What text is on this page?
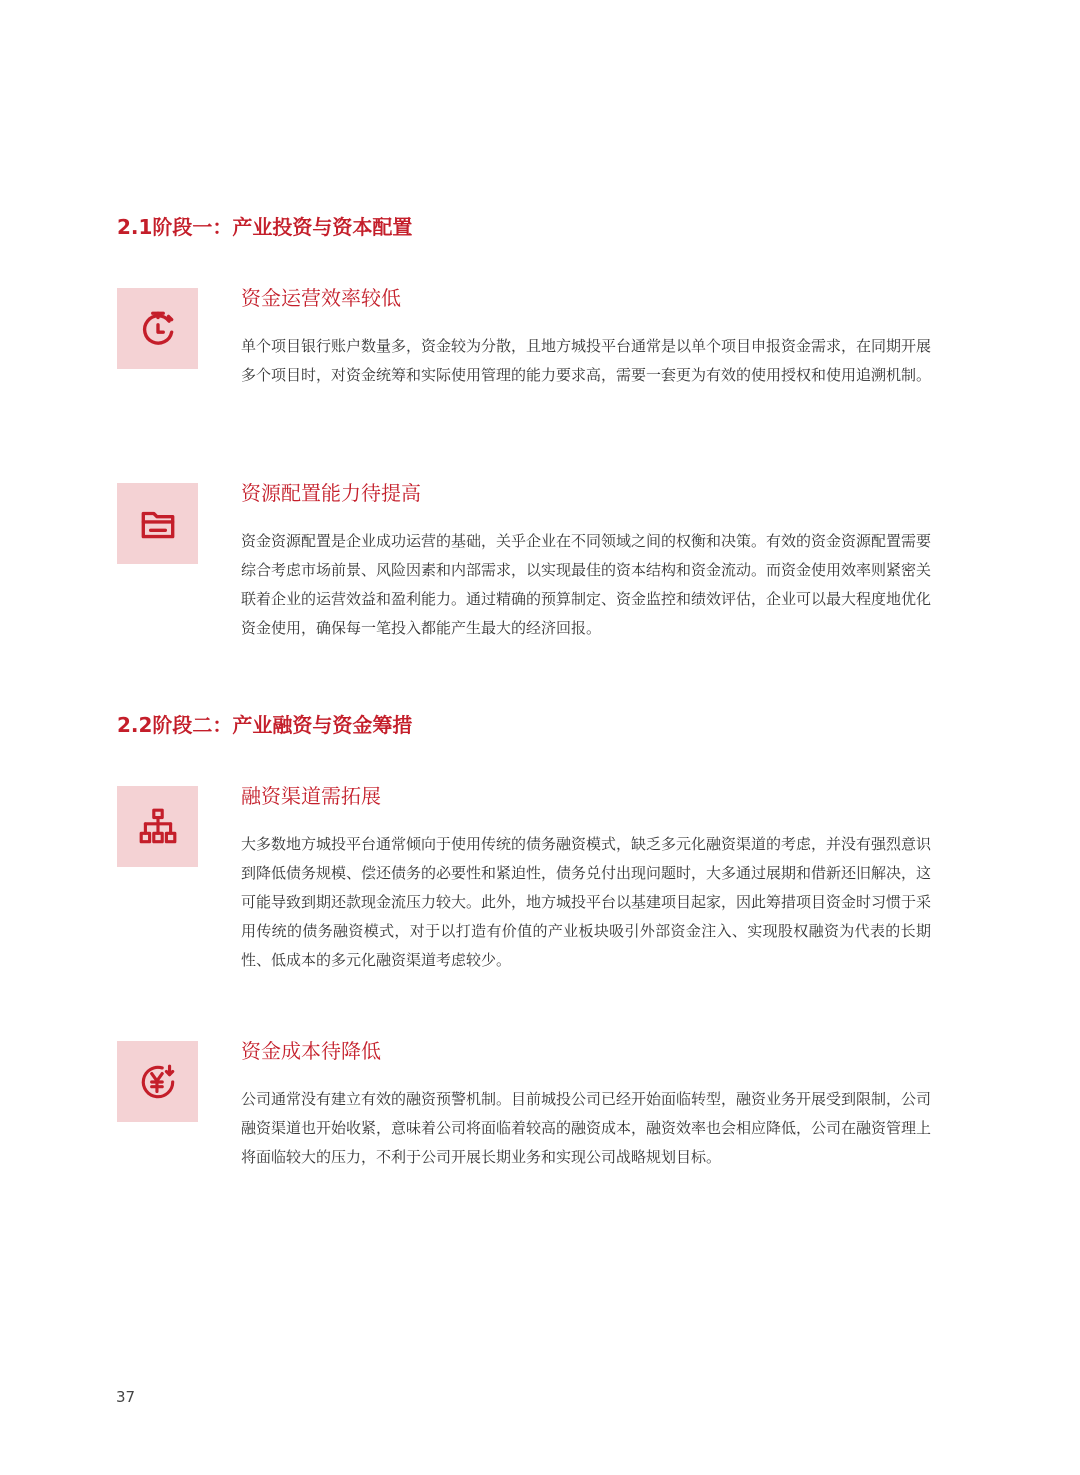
2.1阶段一：产业投资与资本配置
资金运营效率较低

单个项目银行账户数量多，资金较为分散，且地方城投平台通常是以单个项目申报资金需求，在同期开展多个项目时，对资金统筹和实际使用管理的能力要求高，需要一套更为有效的使用授权和使用追溯机制。

资源配置能力待提高

资金资源配置是企业成功运营的基础，关乎企业在不同领域之间的权衡和决策。有效的资金资源配置需要综合考虑市场前景、风险因素和内部需求，以实现最佳的资本结构和资金流动。而资金使用效率则紧密关联着企业的运营效益和盈利能力。通过精确的预算制定、资金监控和绩效评估，企业可以最大程度地优化资金使用，确保每一笔投入都能产生最大的经济回报。

2.2阶段二：产业融资与资金筹措
融资渠道需拓展

大多数地方城投平台通常倾向于使用传统的债务融资模式，缺乏多元化融资渠道的考虑，并没有强烈意识到降低债务规模、偿还债务的必要性和紧迫性，债务兑付出现问题时，大多通过展期和借新还旧解决，这可能导致到期还款现金流压力较大。此外，地方城投平台以基建项目起家，因此筹措项目资金时习惯于采用传统的债务融资模式，对于以打造有价值的产业板块吸引外部资金注入、实现股权融资为代表的长期性、低成本的多元化融资渠道考虑较少。

资金成本待降低

公司通常没有建立有效的融资预警机制。目前城投公司已经开始面临转型，融资业务开展受到限制，公司融资渠道也开始收紧，意味着公司将面临着较高的融资成本，融资效率也会相应降低，公司在融资管理上将面临较大的压力，不利于公司开展长期业务和实现公司战略规划目标。

37
